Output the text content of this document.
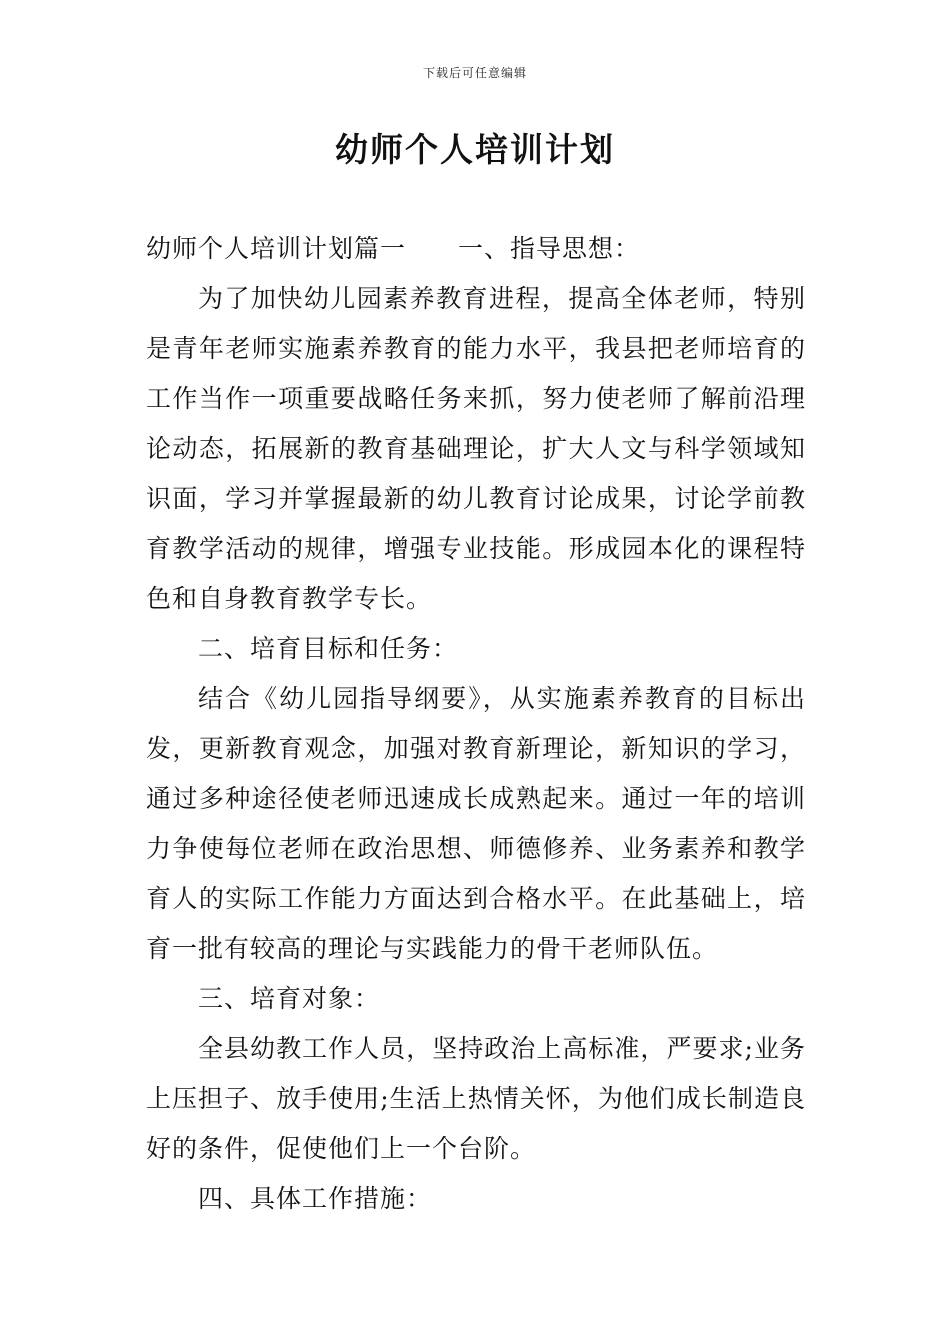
下载后可任意编辑
幼师个人培训计划

幼师个人培训计划篇一 一、指导思想：

为了加快幼儿园素养教育进程，提高全体老师，特别是青年老师实施素养教育的能力水平，我县把老师培育的工作当作一项重要战略任务来抓，努力使老师了解前沿理论动态，拓展新的教育基础理论，扩大人文与科学领域知识面，学习并掌握最新的幼儿教育讨论成果，讨论学前教育教学活动的规律，增强专业技能。形成园本化的课程特色和自身教育教学专长。

二、培育目标和任务：

结合《幼儿园指导纲要》，从实施素养教育的目标出发，更新教育观念，加强对教育新理论，新知识的学习，通过多种途径使老师迅速成长成熟起来。通过一年的培训力争使每位老师在政治思想、师德修养、业务素养和教学育人的实际工作能力方面达到合格水平。在此基础上，培育一批有较高的理论与实践能力的骨干老师队伍。

三、培育对象：

全县幼教工作人员，坚持政治上高标准，严要求;业务上压担子、放手使用;生活上热情关怀，为他们成长制造良好的条件，促使他们上一个台阶。

四、具体工作措施：
